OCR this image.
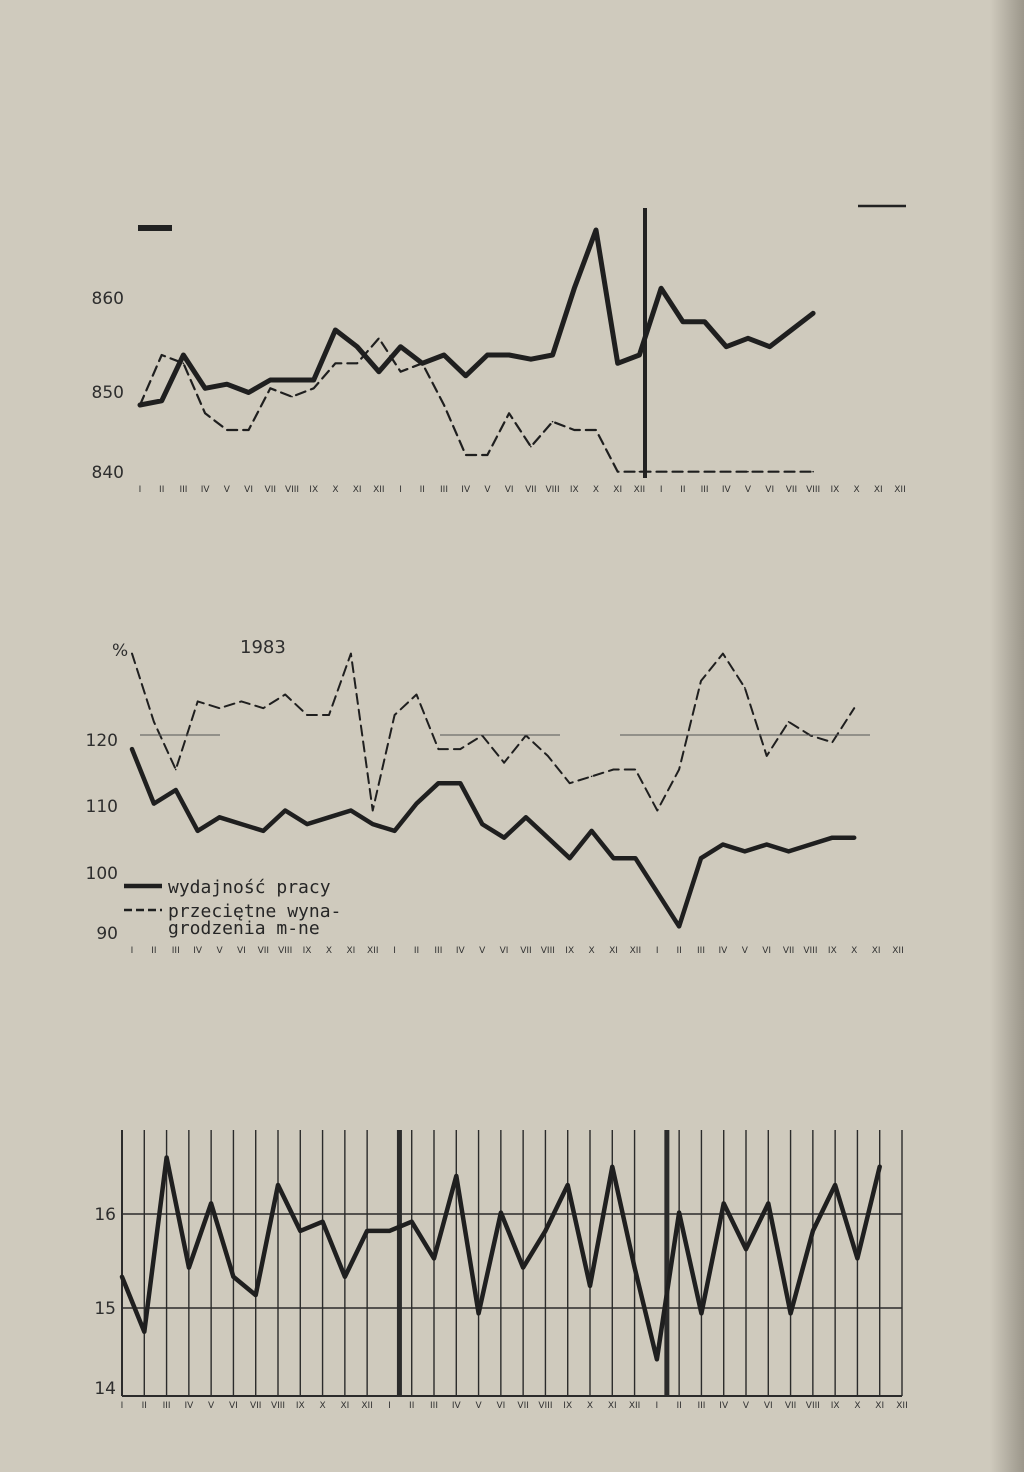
I II III IV V VI VII VIII IX X XI XII I II III IV V VI VII VIII IX X XI XII I II III IV V VI VII VIII IX X XI XII
860
850
840
I II III IV V VI VII VIII IX X XI XII I II III IV V VI VII VIII IX X XI XII I II III IV V VI VII VIII IX X XI XII
120
110
100
90
%	1983
wydajność pracy
przeciętne wyna-
grodzenia m-ne
I II III IV V VI VII VIII IX X XI XII I II III IV V VI VII VIII IX X XI XII I II III IV V VI VII VIII IX X XI XII
16
15
14
